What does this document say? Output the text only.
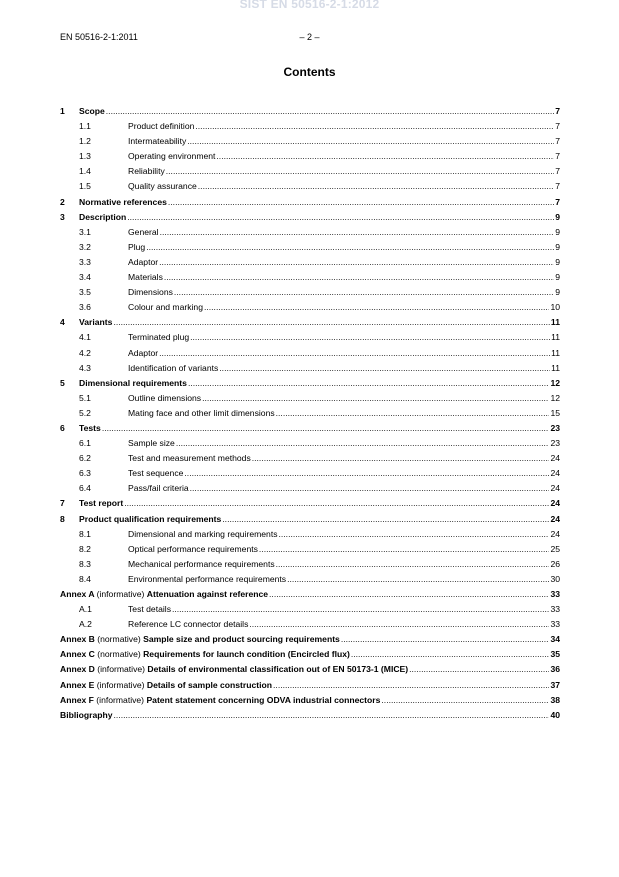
SIST EN 50516-2-1:2012
EN 50516-2-1:2011	– 2 –
Contents
1	Scope .....	7
1.1	Product definition .....	7
1.2	Intermateability .....	7
1.3	Operating environment .....	7
1.4	Reliability .....	7
1.5	Quality assurance .....	7
2	Normative references .....	7
3	Description .....	9
3.1	General .....	9
3.2	Plug .....	9
3.3	Adaptor .....	9
3.4	Materials .....	9
3.5	Dimensions .....	9
3.6	Colour and marking .....	10
4	Variants .....	11
4.1	Terminated plug .....	11
4.2	Adaptor .....	11
4.3	Identification of variants .....	11
5	Dimensional requirements .....	12
5.1	Outline dimensions .....	12
5.2	Mating face and other limit dimensions .....	15
6	Tests .....	23
6.1	Sample size .....	23
6.2	Test and measurement methods .....	24
6.3	Test sequence .....	24
6.4	Pass/fail criteria .....	24
7	Test report .....	24
8	Product qualification requirements .....	24
8.1	Dimensional and marking requirements .....	24
8.2	Optical performance requirements .....	25
8.3	Mechanical performance requirements .....	26
8.4	Environmental performance requirements .....	30
Annex A (informative) Attenuation against reference .....	33
A.1	Test details .....	33
A.2	Reference LC connector details .....	33
Annex B (normative) Sample size and product sourcing requirements .....	34
Annex C (normative) Requirements for launch condition (Encircled flux) .....	35
Annex D (informative) Details of environmental classification out of EN 50173-1 (MICE) .....	36
Annex E (informative) Details of sample construction .....	37
Annex F (informative) Patent statement concerning ODVA industrial connectors .....	38
Bibliography .....	40
